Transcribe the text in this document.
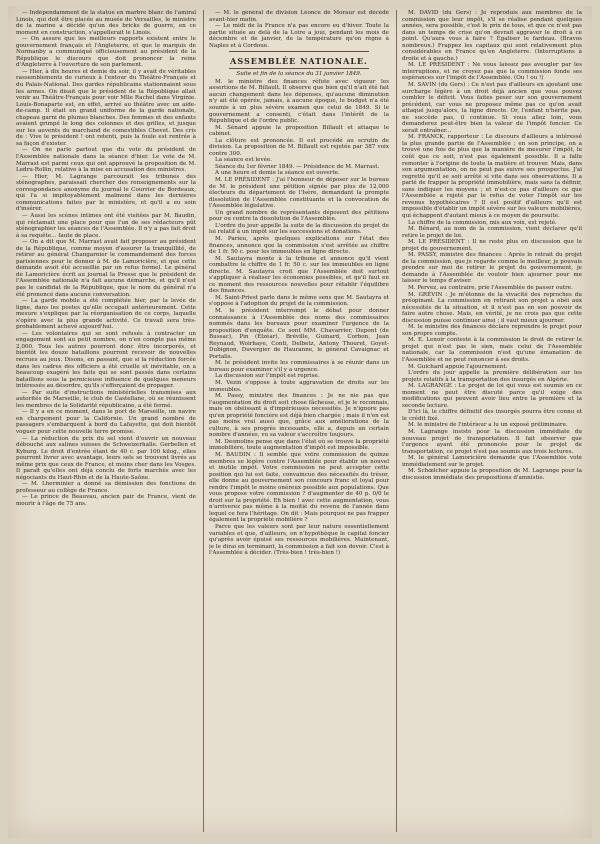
— Indépendamment de la statue en marbre blanc de l'amiral Linois, qui doit être placée au musée de Versailles, le ministre de la marine a décidé qu'un des bricks de guerre, en ce moment en construction, s'appellerait le Linois.

— On assure que les meilleurs rapports existent entre le gouvernement français et l'Angleterre, et que le marquis de Normanby a communiqué officieusement au président de la République le discours que doit prononcer la reine d'Angleterre à l'ouverture de son parlement.

— Hier, à dix heures et demie du soir, il y avait de véritables rassemblements de curieux à l'entour du Théâtre-Français et du Palais-National. Des gardes républicains stationnaient sous les armes. On disait que le président de la République allait venir au Théâtre-Français pour voir Mlle Rachel dans Virginie. Louis-Bonaparte est, en effet, arrivé au théâtre avec un aide-de-camp. Il était en grand uniforme de la garde nationale, chapeau garni de plumes blanches. Des femmes et des enfants avaient grimpé le long des colonnes et des grilles, et jusque sur les auvents du marchand de comestibles Chevet. Des cris de : Vive le président ! ont retenti, puis la foule est rentrée à sa façon d'exister.

— On ne parle partout que du vote du président de l'Assemblée nationale dans la séance d'hier. Le vote de M. Marrast est parmi ceux qui ont approuvé la proposition de M. Ledru-Rollin, relative à la mise en accusation des ministres.

— Hier, M. Lagrange parcourait les tribunes des sténographes, paraissait chercher des renseignements sur la correspondance anonyme du journal le Courrier de Bordeaux, qui l'a si impitoyablement malmené dans les dernières communications faites par le ministère, et qu'il a eu soin d'insérer.

— Aussi les scènes intimes ont été visitées par M. Baudin, qui réclamait une place pour que l'un de ses rédacteurs pût sténographier les séances de l'Assemblée. Il n'y a pas fait droit à sa requête... faute de place.

— On a dit que M. Marrast avait fait proposer au président de la République, comme moyen d'assurer la tranquillité, de retirer au général Changarnier le commandement des forces parisiennes pour le donner à M. de Lamoricière, et que cette demande avait été accueillie par un refus formel. Le général de Lamoricière écrit au journal la Presse que le président de l'Assemblée nationale n'a fait aucune démarche, et qu'il n'est pas le candidat de la République, que le nom du général n'a été prononcé dans aucune conversation.

— La garde mobile a été complétée hier, par la levée de ligne, dans les postes qu'elle occupait antérieurement. Cette mesure s'explique par la réorganisation de ce corps, laquelle s'opère avec la plus grande activité. Ce travail sera très-probablement achevé aujourd'hui.

— Les volontaires qui se sont refusés à contracter un engagement sont au petit nombre, on n'en compte pas même 2,000. Tous les autres pourront donc être incorporés, et bientôt les douze bataillons pourront recevoir de nouvelles recrues au jeux. Disons, en passant, que si la réduction forcée dans les cadres des officiers a été cruelle et inévitable, on a beaucoup exagéré les faits qui se sont passés dans certains bataillons sous la pernicieuse influence de quelques meneurs intéressés au désordre, qu'ils s'efforçaient de propager.

— Par suite d'instructions ministérielles transmises aux autorités de Marseille, le club de Castellane, où se réunissent les membres de la Solidarité républicaine, a été fermé.

— Il y a en ce moment, dans le port de Marseille, un navire en chargement pour la Californie. Un grand nombre de passagers s'embarquent à bord du Lafayette, qui doit bientôt voguer pour cette nouvelle terre promise.

— La réduction du prix du sel vient d'ouvrir un nouveau débouché aux salines suisses de Schweizerhalle. Gerbellen et Kyburg. Le droit d'entrée étant de 40 c. par 100 kilog., elles pourront livrer avec avantage, leurs sels se trouvent livrés au même prix que ceux de France, et moins cher dans les Vosges. Il paraît qu'elles ont déjà conclu de forts marchés avec les négociants du Haut-Rhin et de la Haute-Saône.

— M. Lherminier a donné sa démission des fonctions de professeur au collège de France.

— Le prince de Beauvau, ancien pair de France, vient de mourir à l'âge de 75 ans.

— M. le général de division Léonce de Moraur est décédé avant-hier matin.

— Le midi de la France n'a pas encore eu d'hiver. Toute la partie située au delà de la Loire a joui, pendant les mois de décembre et de janvier, de la température qu'on règne à Naples et à Cordoue.

ASSEMBLÉE NATIONALE.
Suite et fin de la séance du 31 janvier 1849.

M. le ministre des finances réfute avec vigueur les assertions de M. Billault. Il observe que bien qu'il n'ait été fait aucun changement dans les dépenses, qu'aucune diminution n'y ait été opérée, jamais, à aucune époque, le budget n'a été soumis à un plus sévère examen que celui de 1849. Si le gouvernement a consenti, c'était dans l'intérêt de la République et de l'ordre public.

M. Sénard appuie la proposition Billault et attaque le cabinet.

La clôture est prononcée. Il est procédé au scrutin de division. La proposition de M. Billault est rejetée par 387 voix contre 300.

La séance est levée.

Séance du 1er février 1849. — Présidence de M. Marrast.

A une heure et demie la séance est ouverte.

M. LE PRÉSIDENT : J'ai l'honneur de déposer sur le bureau de M. le président une pétition signée par plus de 12,000 électeurs du département de l'Isère, demandant la prompte dissolution de l'Assemblée constituante et la convocation de l'Assemblée législative.

Un grand nombre de représentants déposent des pétitions pour ou contre la dissolution de l'Assemblée.

L'ordre du jour appelle la suite de la discussion du projet de loi relatif à un impôt sur les successions et donations.

M. Parieu, après quelques explications sur l'état des finances, annonce que la commission s'est arrêtée au chiffre de 1 fr. 50 c. pour les immeubles en ligne directe.

M. Sautayra monte à la tribune et annonce qu'il vient combattre le chiffre de 1 fr. 50 c. sur les immeubles en ligne directe. M. Sautayra croit que l'Assemblée doit surtout s'appliquer à réaliser les économies possibles, et qu'il faut en ce moment des ressources nouvelles pour rétablir l'équilibre des finances.

M. Saint-Priest parle dans le même sens que M. Sautayra et s'oppose à l'adoption du projet de la commission.

M. le président interrompt le débat pour donner connaissance à l'Assemblée des noms des commissaires nommés dans les bureaux pour examiner l'urgence de la proposition d'enquête. Ce sont MM. Chavarrier, Dupont (de Bussac), Pin (Elzéar), Bréville, Guinard, Corbon, Jean Reynaud, Woirhaye, Conti, Delbetz, Antony Thouret, Goyet-Dubignon, Duvergier de Hauranne, le général Cavaignac et Portalis.

M. le président invite les commissaires à se réunir dans un bureau pour examiner s'il y a urgence.

La discussion sur l'impôt est reprise.

M. Vezin s'oppose à toute aggravation de droits sur les immeubles.

M. Passy, ministre des finances : Je ne nie pas que l'augmentation du droit soit chose fâcheuse, et je le reconnais, mais on obéissant à d'impérieuses nécessités. Je n'ignore pas qu'en propriété foncière est déjà bien chargée ; mais il n'en est pas moins vrai aussi que, grâce aux améliorations de la culture, à ses progrès incessants, elle a, depuis un certain nombre d'années, vu sa valeur s'accroître toujours.

M. Desmolins pense que dans l'état où se trouve la propriété immobilière, toute augmentation d'impôt est impossible.

M. BAUDIN : Il semble que votre commission de quinze membres se légère contre l'Assemblée pour établir un nouvel et inutile impôt. Votre commission ne peut accepter cette position qui lui est faite, convaincue des nécessités du trésor, elle donne au gouvernement son concours franc et loyal pour rendre l'impôt le moins onéreux possible aux populations. Que vous propose votre commission ? d'augmenter de 40 p. 0/0 le droit sur la propriété. Eh bien ! avec cette augmentation, vous n'arriverez pas même à la moitié du revenu de l'année dans lequel ce fera l'héritage. On dit : Mais pourquoi ne pas frapper également la propriété mobilière ?

Parce que les valeurs sont par leur nature essentiellement variables et que, d'ailleurs, on n'hypothèque le capital foncier qu'après avoir épuisé ses ressources mobilières. Maintenant, je le dirai en terminant, la commission a fait son devoir. C'est à l'Assemblée à décider. (Très-bien ! très-bien !)

M. DAVID (du Gers) : Je reproduis aux membres de la commission que leur impôt, s'il se réalise pendant quelques années, sera possible, c'est le prix de tous, et que ce n'est pas dans un temps de crise qu'on devrait aggraver le droit à ce point. Qu'aura vous à faire ? Égaliser le fardeau. (Bravos nombreux.) Frappez les capitaux qui sont relativement plus considérables en France qu'en Angleterre. (Interruptions à droite et à gauche.)

M. LE PRÉSIDENT : Ne vous laissez pas aveugler par les interruptions, et ne croyez pas que la commission fonde ses espérances sur l'impôt de l'Assemblée. (Ou ! ou !)

M. SAVIN (du Gers) : Ce n'est pas d'ailleurs en ajoutant une surcharge légère à un droit déjà ancien que vous pouvez combler le déficit. Vous faites peser sur son gouvernement précédent, car vous ne proposez même pas ce qu'on avait attaqué jusqu'alors, la ligne directe. Or, l'enfant n'hérite pas, ne succède pas, il continue. Si vous allez loin, vous demanderez peut-être bien la valeur de l'impôt foncier. Ce serait entraîner...

M. FRANCK, rapporteur : Le discours d'ailleurs a intéressé la plus grande partie de l'Assemblée ; en son principe, on a trouvé une fois de plus que la manière de mesurer l'impôt, le coût que ce soit, n'est pas également possible. Il a fallu remonter à l'origine de toute la matière et trouver. Mais, dans son argumentation, on ne peut pas suivre ses prospectus. J'ai regretté qu'il se soit arrêté si vite dans ses observations. Il a parlé de frapper la propriété immobilière, mais sans la définir, sans indiquer les moyens ; et n'est-ce pas d'ailleurs ce que l'Assemblée a rejeté par le refus de voter l'impôt sur les revenus hypothécaires ? Il est positif d'ailleurs qu'il est impossible d'établir un impôt sévère sur les valeurs mobilières, qui échappent d'autant mieux à ce moyen de poursuite.

La chiffre de la commission, mis aux voix, est rejeté.

M. Bénard, au nom de la commission, vient déclarer qu'il retire le projet de loi.

M. LE PRÉSIDENT : Il ne reste plus en discussion que le projet du gouvernement.

M. PASSY, ministre des finances : Après le retrait du projet de la commission, que je regarde comme le meilleur, je pouvais prendre sur moi de retirer le projet du gouvernement, je demande à l'Assemblée de vouloir bien ajourner pour me laisser le temps d'aviser.

M. Pervez, au contraire, prie l'Assemblée de passer outre.

M. GRÉVIN : Je m'étonne de la vivacité des reproches du préopinant. La commission en retirant son projet a obéi aux nécessités de la situation, et il n'est pas en son pouvoir de faire autre chose. Mais, en vérité, je ne crois pas que cette discussion puisse continuer ainsi ; il vaut mieux ajourner.

M. le ministre des finances déclare reprendre le projet pour son propre compte.

M. E. Lenoir conteste à la commission le droit de retirer le projet qui n'est pas le sien, mais celui de l'Assemblée nationale, car la commission n'est qu'une émanation de l'Assemblée et ne peut renoncer à ses droits.

M. Guichard appuie l'ajournement.

L'ordre du jour appelle la première délibération sur les projets relatifs à la transportation des insurgés en Algérie.

M. LAGRANGE : Le projet de loi qui vous est soumis en ce moment ne peut être discuté parce qu'il exige des modifications qui peuvent avoir lieu entre la première et la seconde lecture.

D'ici là, le chiffre définitif des insurgés pourra être connu et le crédit fixé.

M. le ministre de l'intérieur a lu un exposé préliminaire.

M. Lagrange insiste pour la discussion immédiate du nouveau projet de transportation. Il fait observer que l'urgence ayant été prononcée pour le projet de transportation, ce projet n'est pas soumis aux trois lectures.

M. le général Lamoricière demande que l'Assemblée vote immédiatement sur le projet.

M. Schœlcher appuie la proposition de M. Lagrange pour la discussion immédiate des propositions d'amnistie.
